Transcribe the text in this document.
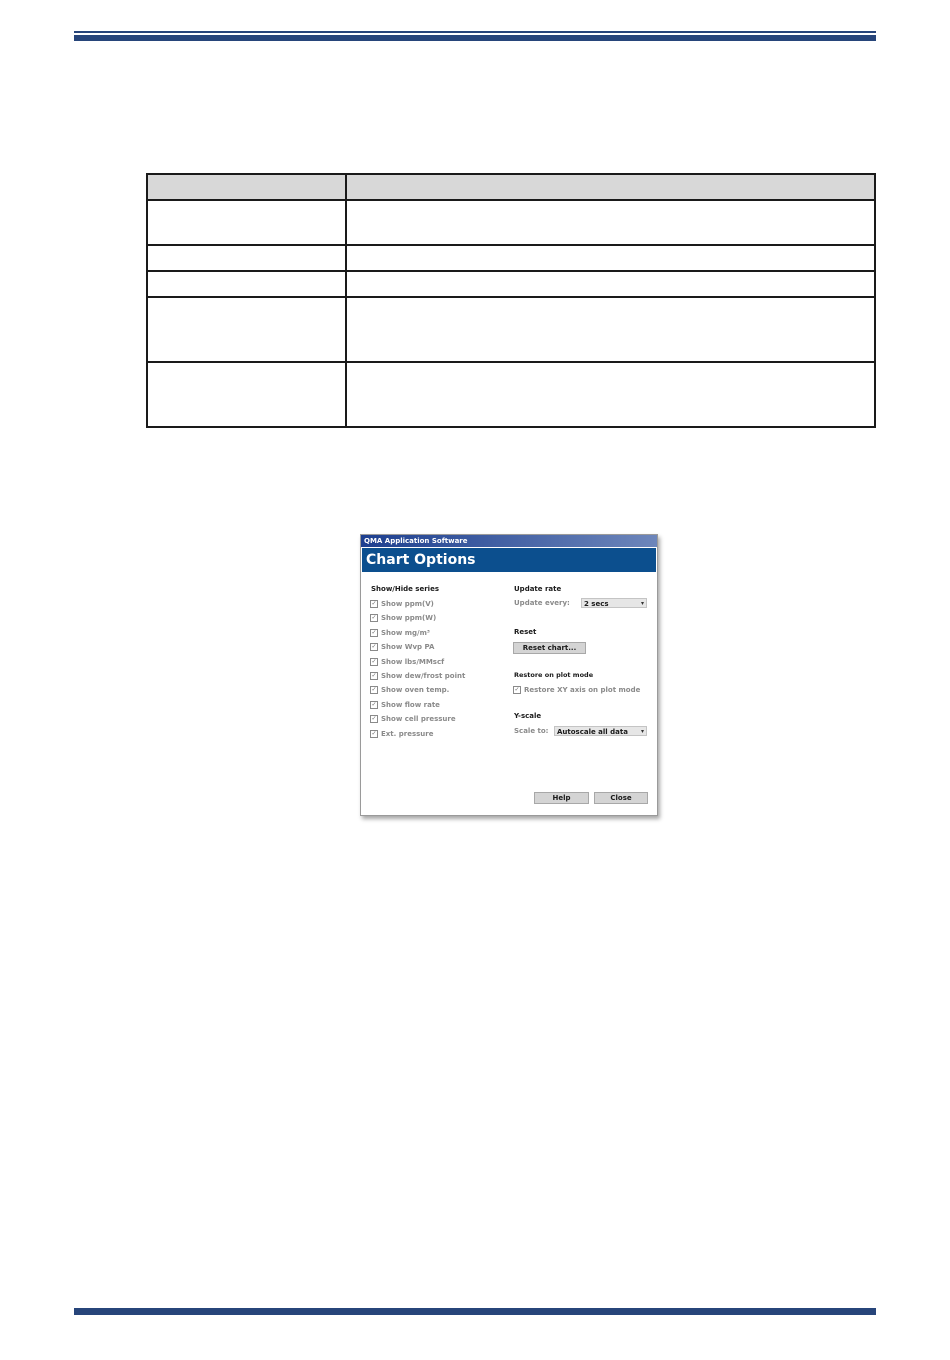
QMA Application Software
Chart Options
Show/Hide series
✓ Show ppm(V)
✓ Show ppm(W)
✓ Show mg/m³
✓ Show Wvp PA
✓ Show lbs/MMscf
✓ Show dew/frost point
✓ Show oven temp.
✓ Show flow rate
✓ Show cell pressure
✓ Ext. pressure
Update rate
Update every:	2 secs	▾
Reset
Reset chart...
Restore on plot mode
✓ Restore XY axis on plot mode
Y-scale
Scale to:	Autoscale all data ▾
Help	Close
